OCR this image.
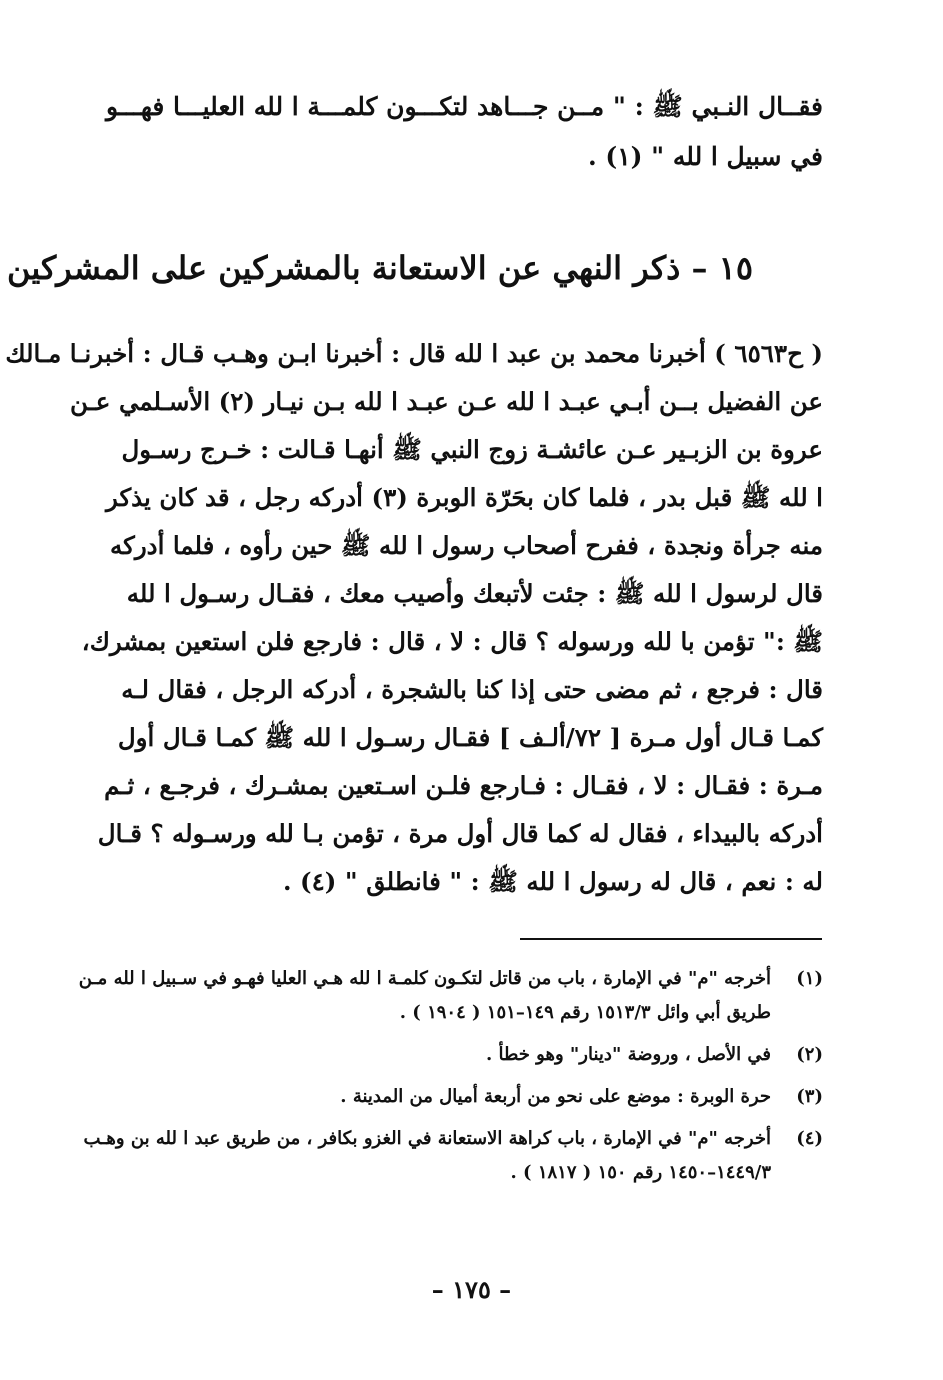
فقــال النـبي ﷺ : " مــن جـــاهد لتكـــون كلمـــة ا لله العليـــا فهـــو
في سبيل ا لله " (١) .
١٥ – ذكر النهي عن الاستعانة بالمشركين على المشركين
( ح٦٥٦٣ ) أخبرنا محمد بن عبد ا لله قال : أخبرنا ابـن وهـب قـال : أخبرنـا مـالك
عن الفضيل بــن أبـي عبـد ا لله عـن عبـد ا لله بـن نيـار (٢) الأسـلمي عـن
عروة بن الزبـير عـن عائشـة زوج النبي ﷺ أنهـا قـالت : خـرج رسـول
ا لله ﷺ قبل بدر ، فلما كان بحَرّة الوبرة (٣) أدركه رجل ، قد كان يذكر
منه جرأة ونجدة ، ففرح أصحاب رسول ا لله ﷺ حين رأوه ، فلما أدركه
قال لرسول ا لله ﷺ : جئت لأتبعك وأصيب معك ، فقـال رسـول ا لله
ﷺ :" تؤمن با لله ورسوله ؟ قال : لا ، قال : فارجع فلن استعين بمشرك،
قال : فرجع ، ثم مضى حتى إذا كنا بالشجرة ، أدركه الرجل ، فقال لـه
كمـا قـال أول مـرة [ ٧٢/ألـف ] فقـال رسـول ا لله ﷺ كمـا قـال أول
مـرة : فقـال : لا ، فقـال : فـارجع فلـن اسـتعين بمشـرك ، فرجـع ، ثـم
أدركه بالبيداء ، فقال له كما قال أول مرة ، تؤمن بـا لله ورسـوله ؟ قـال
له : نعم ، قال له رسول ا لله ﷺ : " فانطلق " (٤) .
(١)
أخرجه "م" في الإمارة ، باب من قاتل لتكـون كلمـة ا لله هـي العليا فهـو في سـبيل ا لله مـن
طريق أبي وائل ١٥١٣/٣ رقم ١٤٩–١٥١ ( ١٩٠٤ ) .
(٢)
في الأصل ، وروضة "دينار" وهو خطأ .
(٣)
حرة الوبرة : موضع على نحو من أربعة أميال من المدينة .
(٤)
أخرجه "م" في الإمارة ، باب كراهة الاستعانة في الغزو بكافر ، من طريق عبد ا لله بن وهـب
١٤٤٩/٣–١٤٥٠ رقم ١٥٠ ( ١٨١٧ ) .
– ١٧٥ –
